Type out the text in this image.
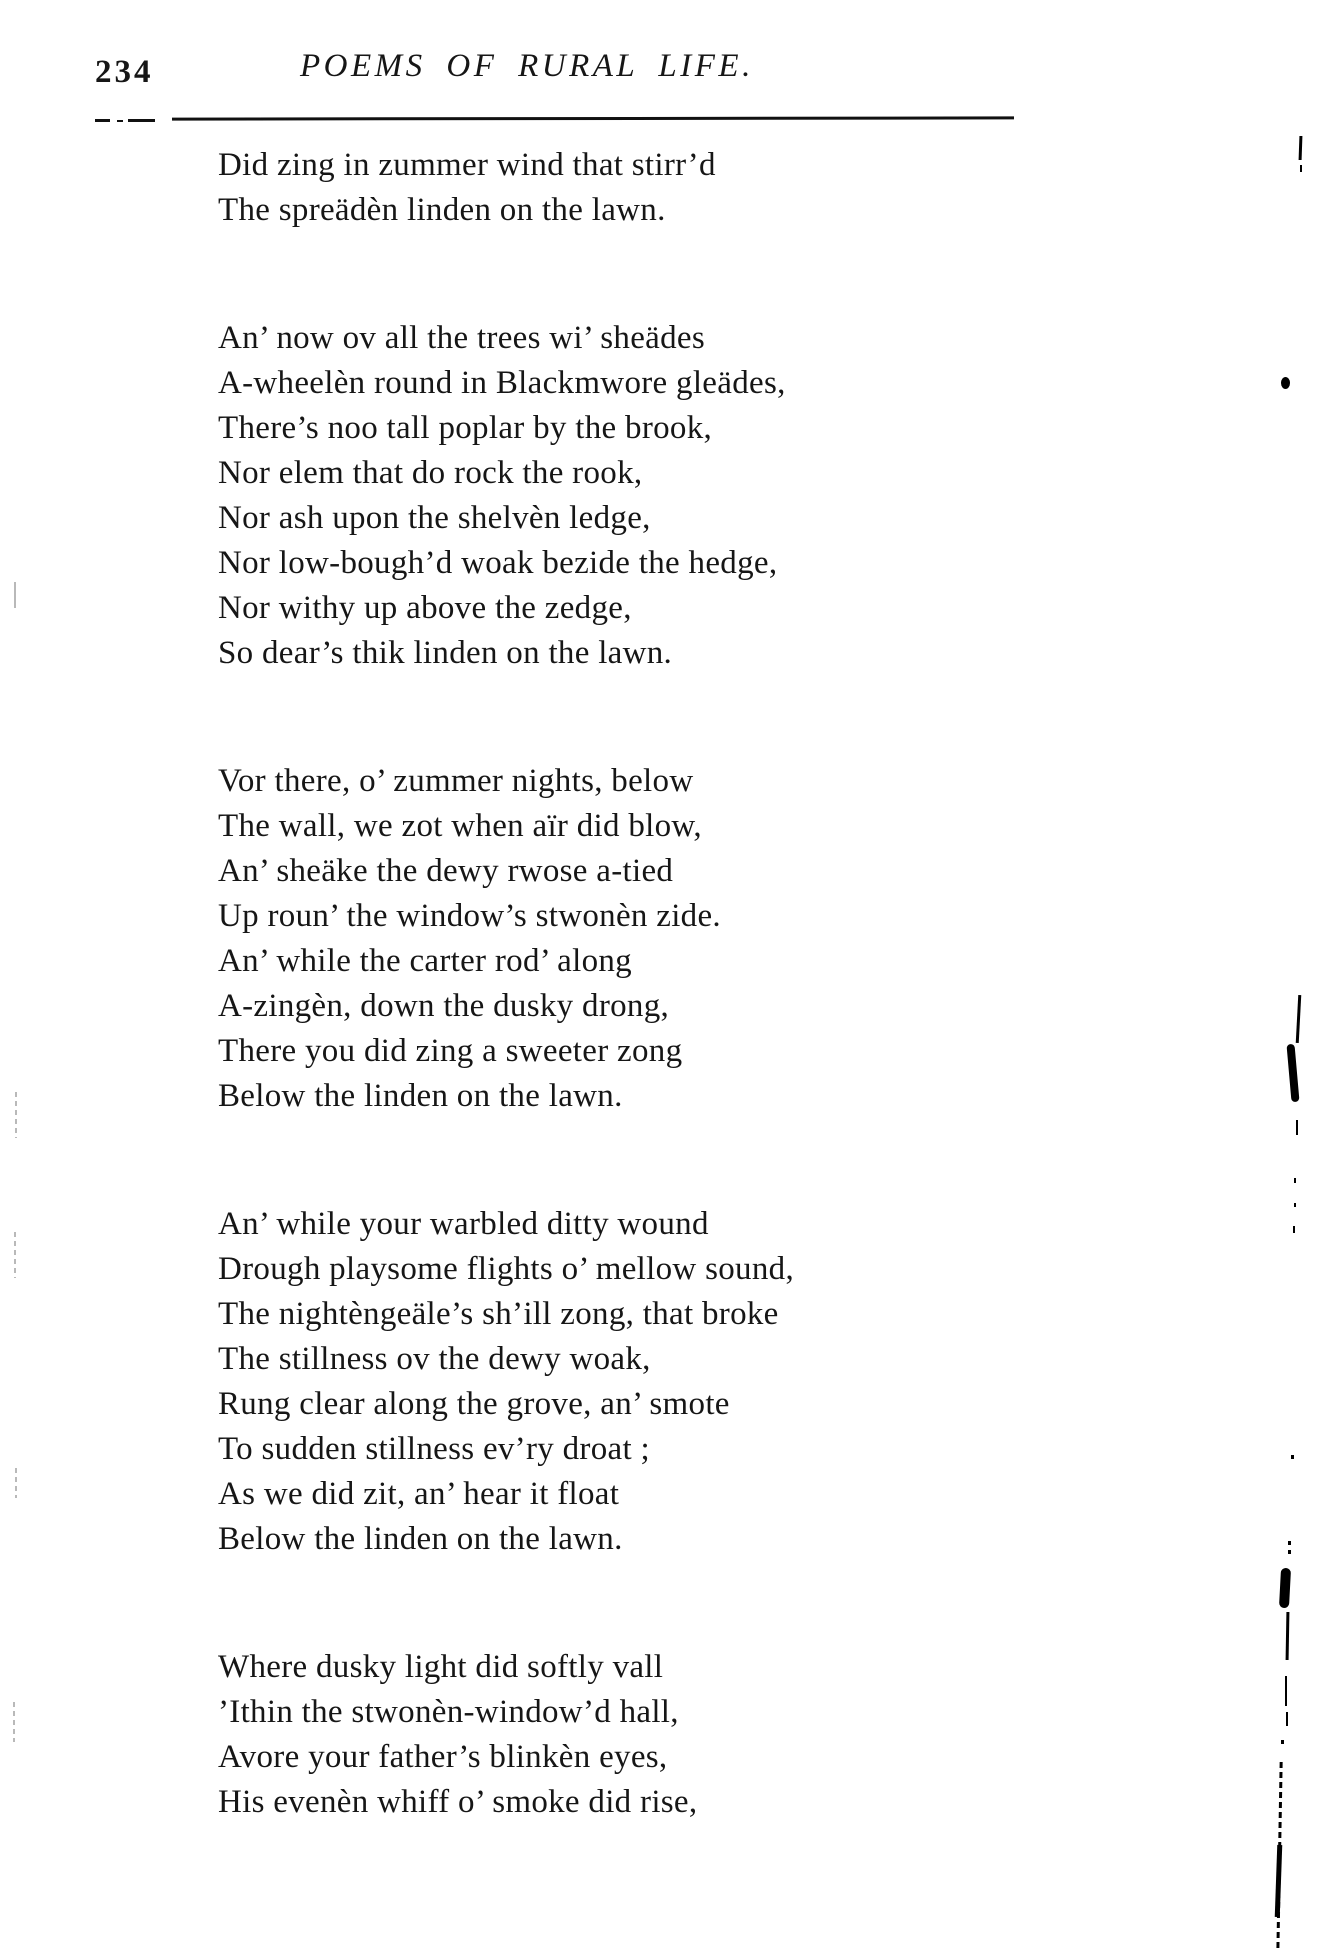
234	POEMS OF RURAL LIFE.
Did zing in zummer wind that stirr’d
The spreädèn linden on the lawn.
An’ now ov all the trees wi’ sheädes
A-wheelèn round in Blackmwore gleädes,
There’s noo tall poplar by the brook,
Nor elem that do rock the rook,
Nor ash upon the shelvèn ledge,
Nor low-bough’d woak bezide the hedge,
Nor withy up above the zedge,
So dear’s thik linden on the lawn.
Vor there, o’ zummer nights, below
The wall, we zot when aïr did blow,
An’ sheäke the dewy rwose a-tied
Up roun’ the window’s stwonèn zide.
An’ while the carter rod’ along
A-zingèn, down the dusky drong,
There you did zing a sweeter zong
Below the linden on the lawn.
An’ while your warbled ditty wound
Drough playsome flights o’ mellow sound,
The nightèngeäle’s sh’ill zong, that broke
The stillness ov the dewy woak,
Rung clear along the grove, an’ smote
To sudden stillness ev’ry droat ;
As we did zit, an’ hear it float
Below the linden on the lawn.
Where dusky light did softly vall
’Ithin the stwonèn-window’d hall,
Avore your father’s blinkèn eyes,
His evenèn whiff o’ smoke did rise,
